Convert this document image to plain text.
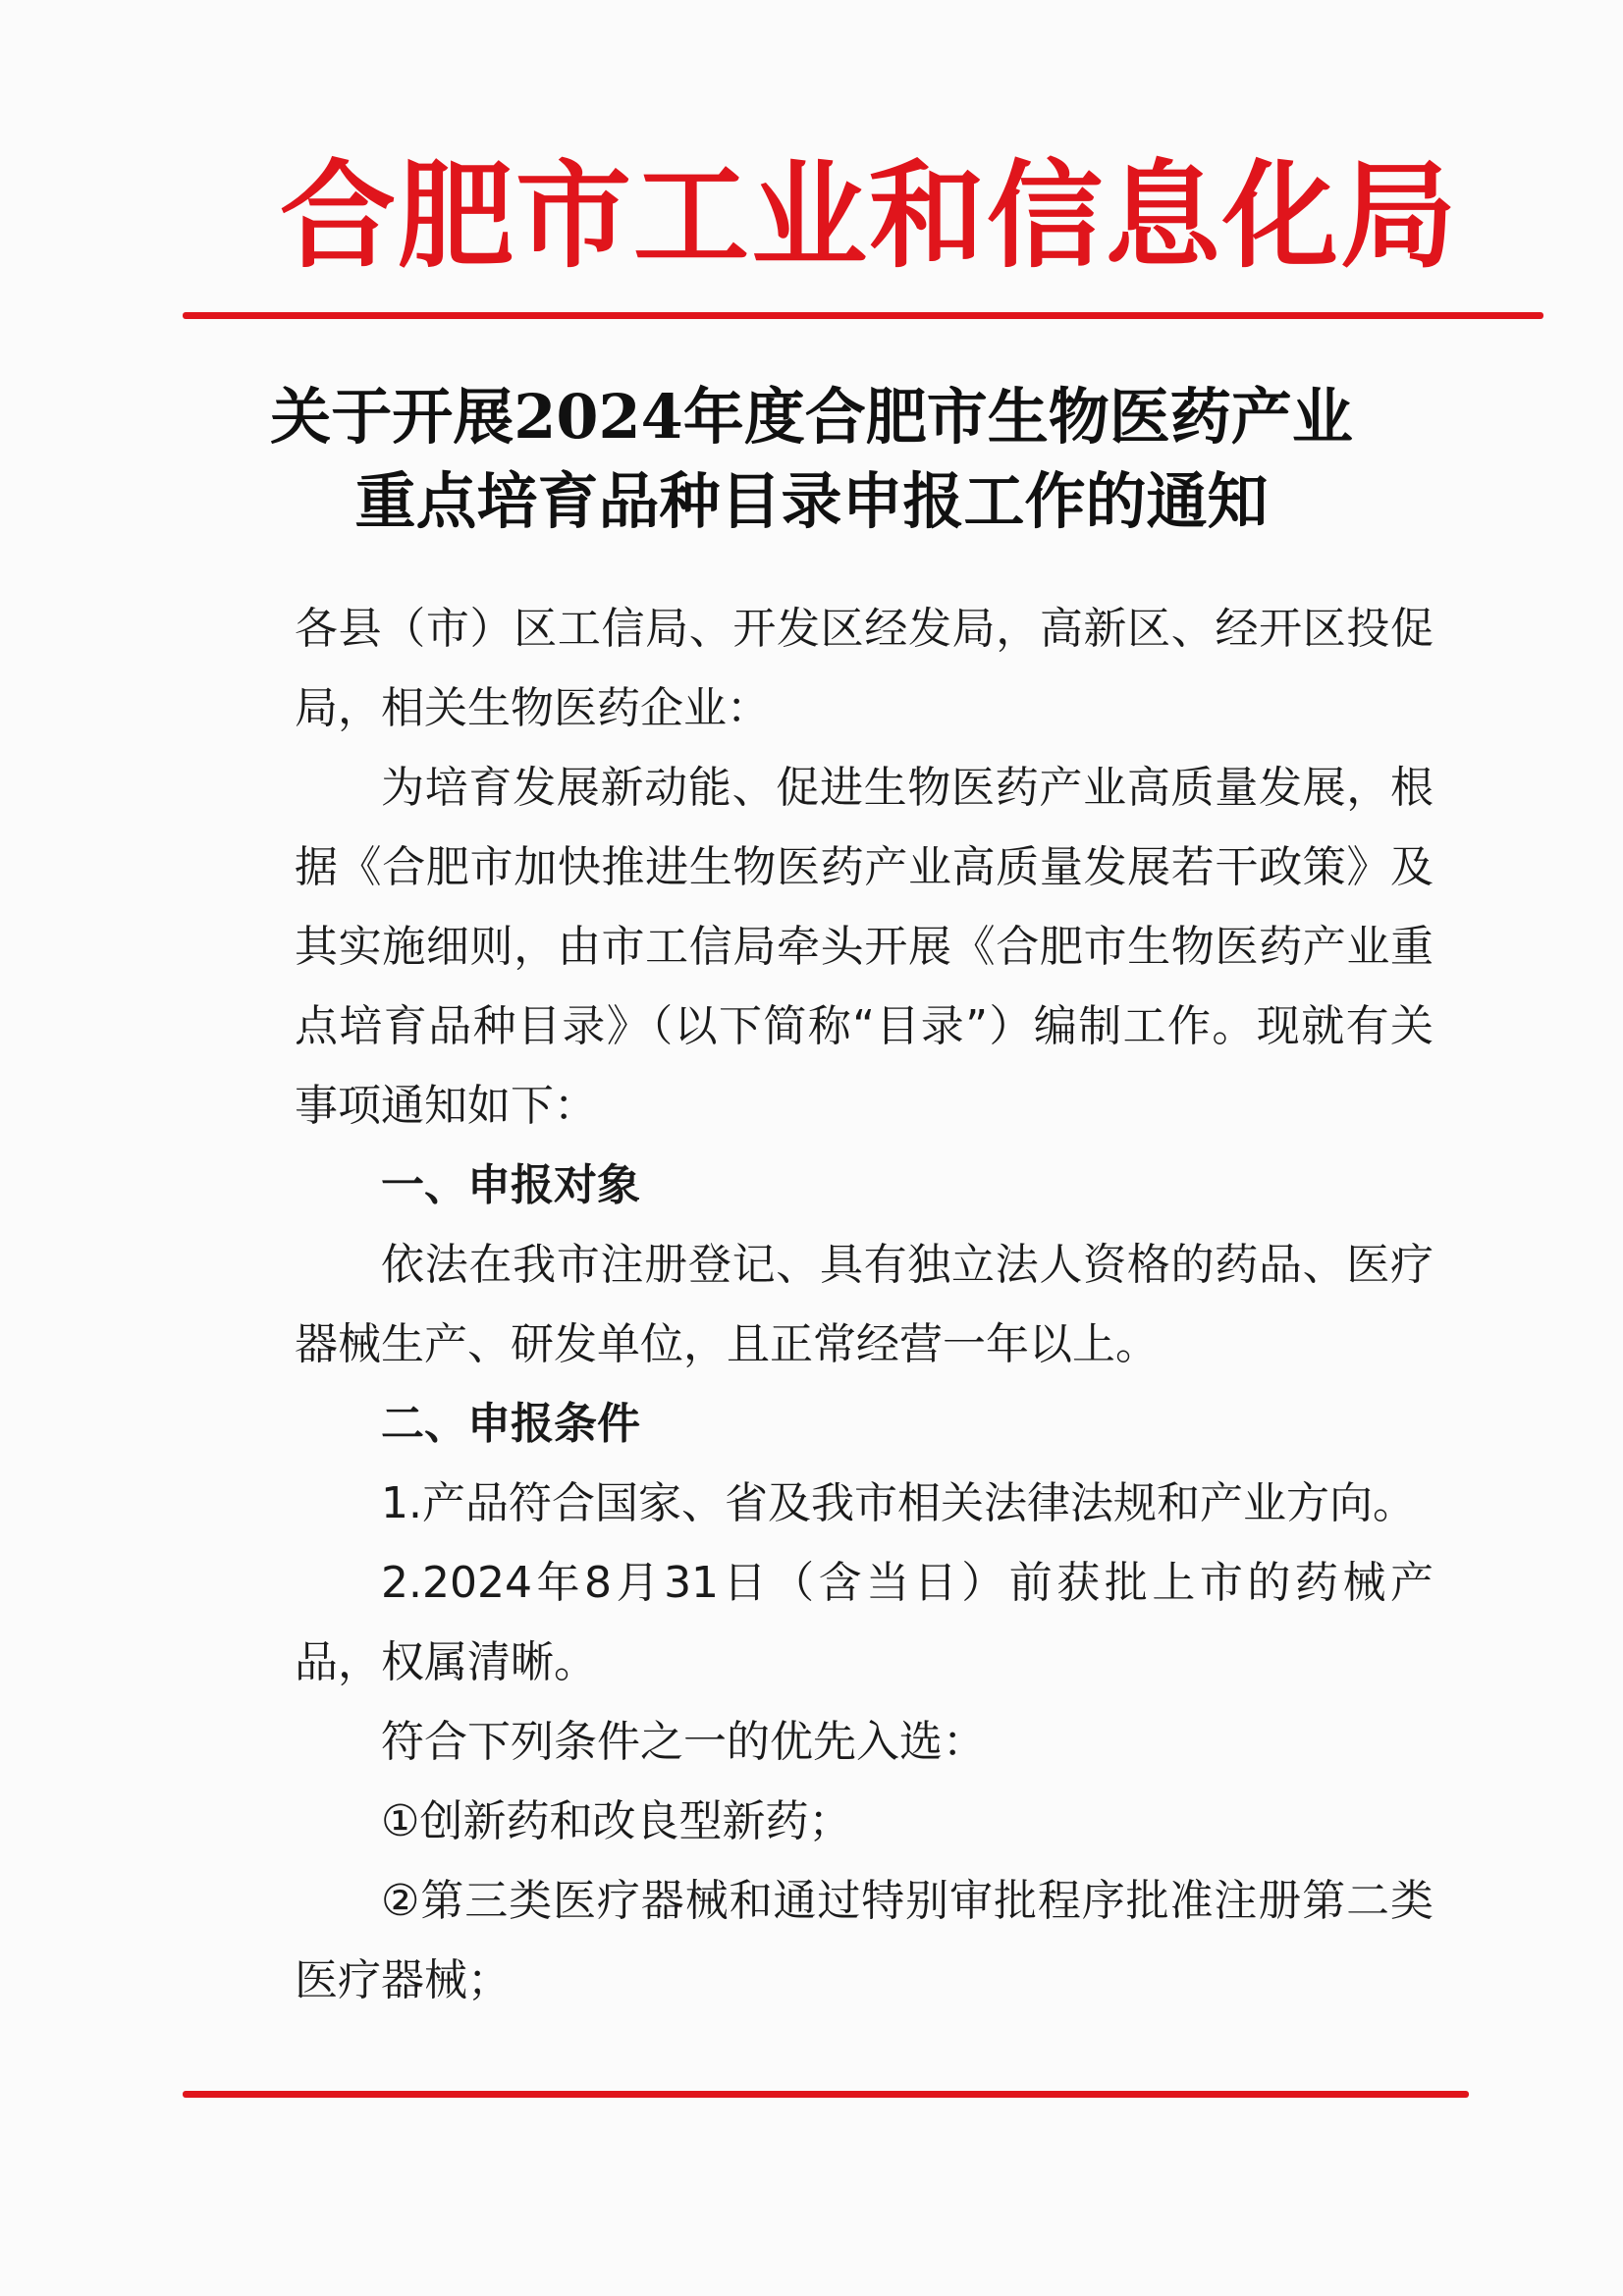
合肥市工业和信息化局
关于开展2024年度合肥市生物医药产业
重点培育品种目录申报工作的通知

各县（市）区工信局、开发区经发局，高新区、经开区投促局，相关生物医药企业：

为培育发展新动能、促进生物医药产业高质量发展，根据《合肥市加快推进生物医药产业高质量发展若干政策》及其实施细则，由市工信局牵头开展《合肥市生物医药产业重点培育品种目录》（以下简称“目录”）编制工作。现就有关事项通知如下：

一、申报对象

依法在我市注册登记、具有独立法人资格的药品、医疗器械生产、研发单位，且正常经营一年以上。

二、申报条件

1.产品符合国家、省及我市相关法律法规和产业方向。

2.2024年8月31日（含当日）前获批上市的药械产品，权属清晰。

符合下列条件之一的优先入选：

①创新药和改良型新药；

②第三类医疗器械和通过特别审批程序批准注册第二类医疗器械；
